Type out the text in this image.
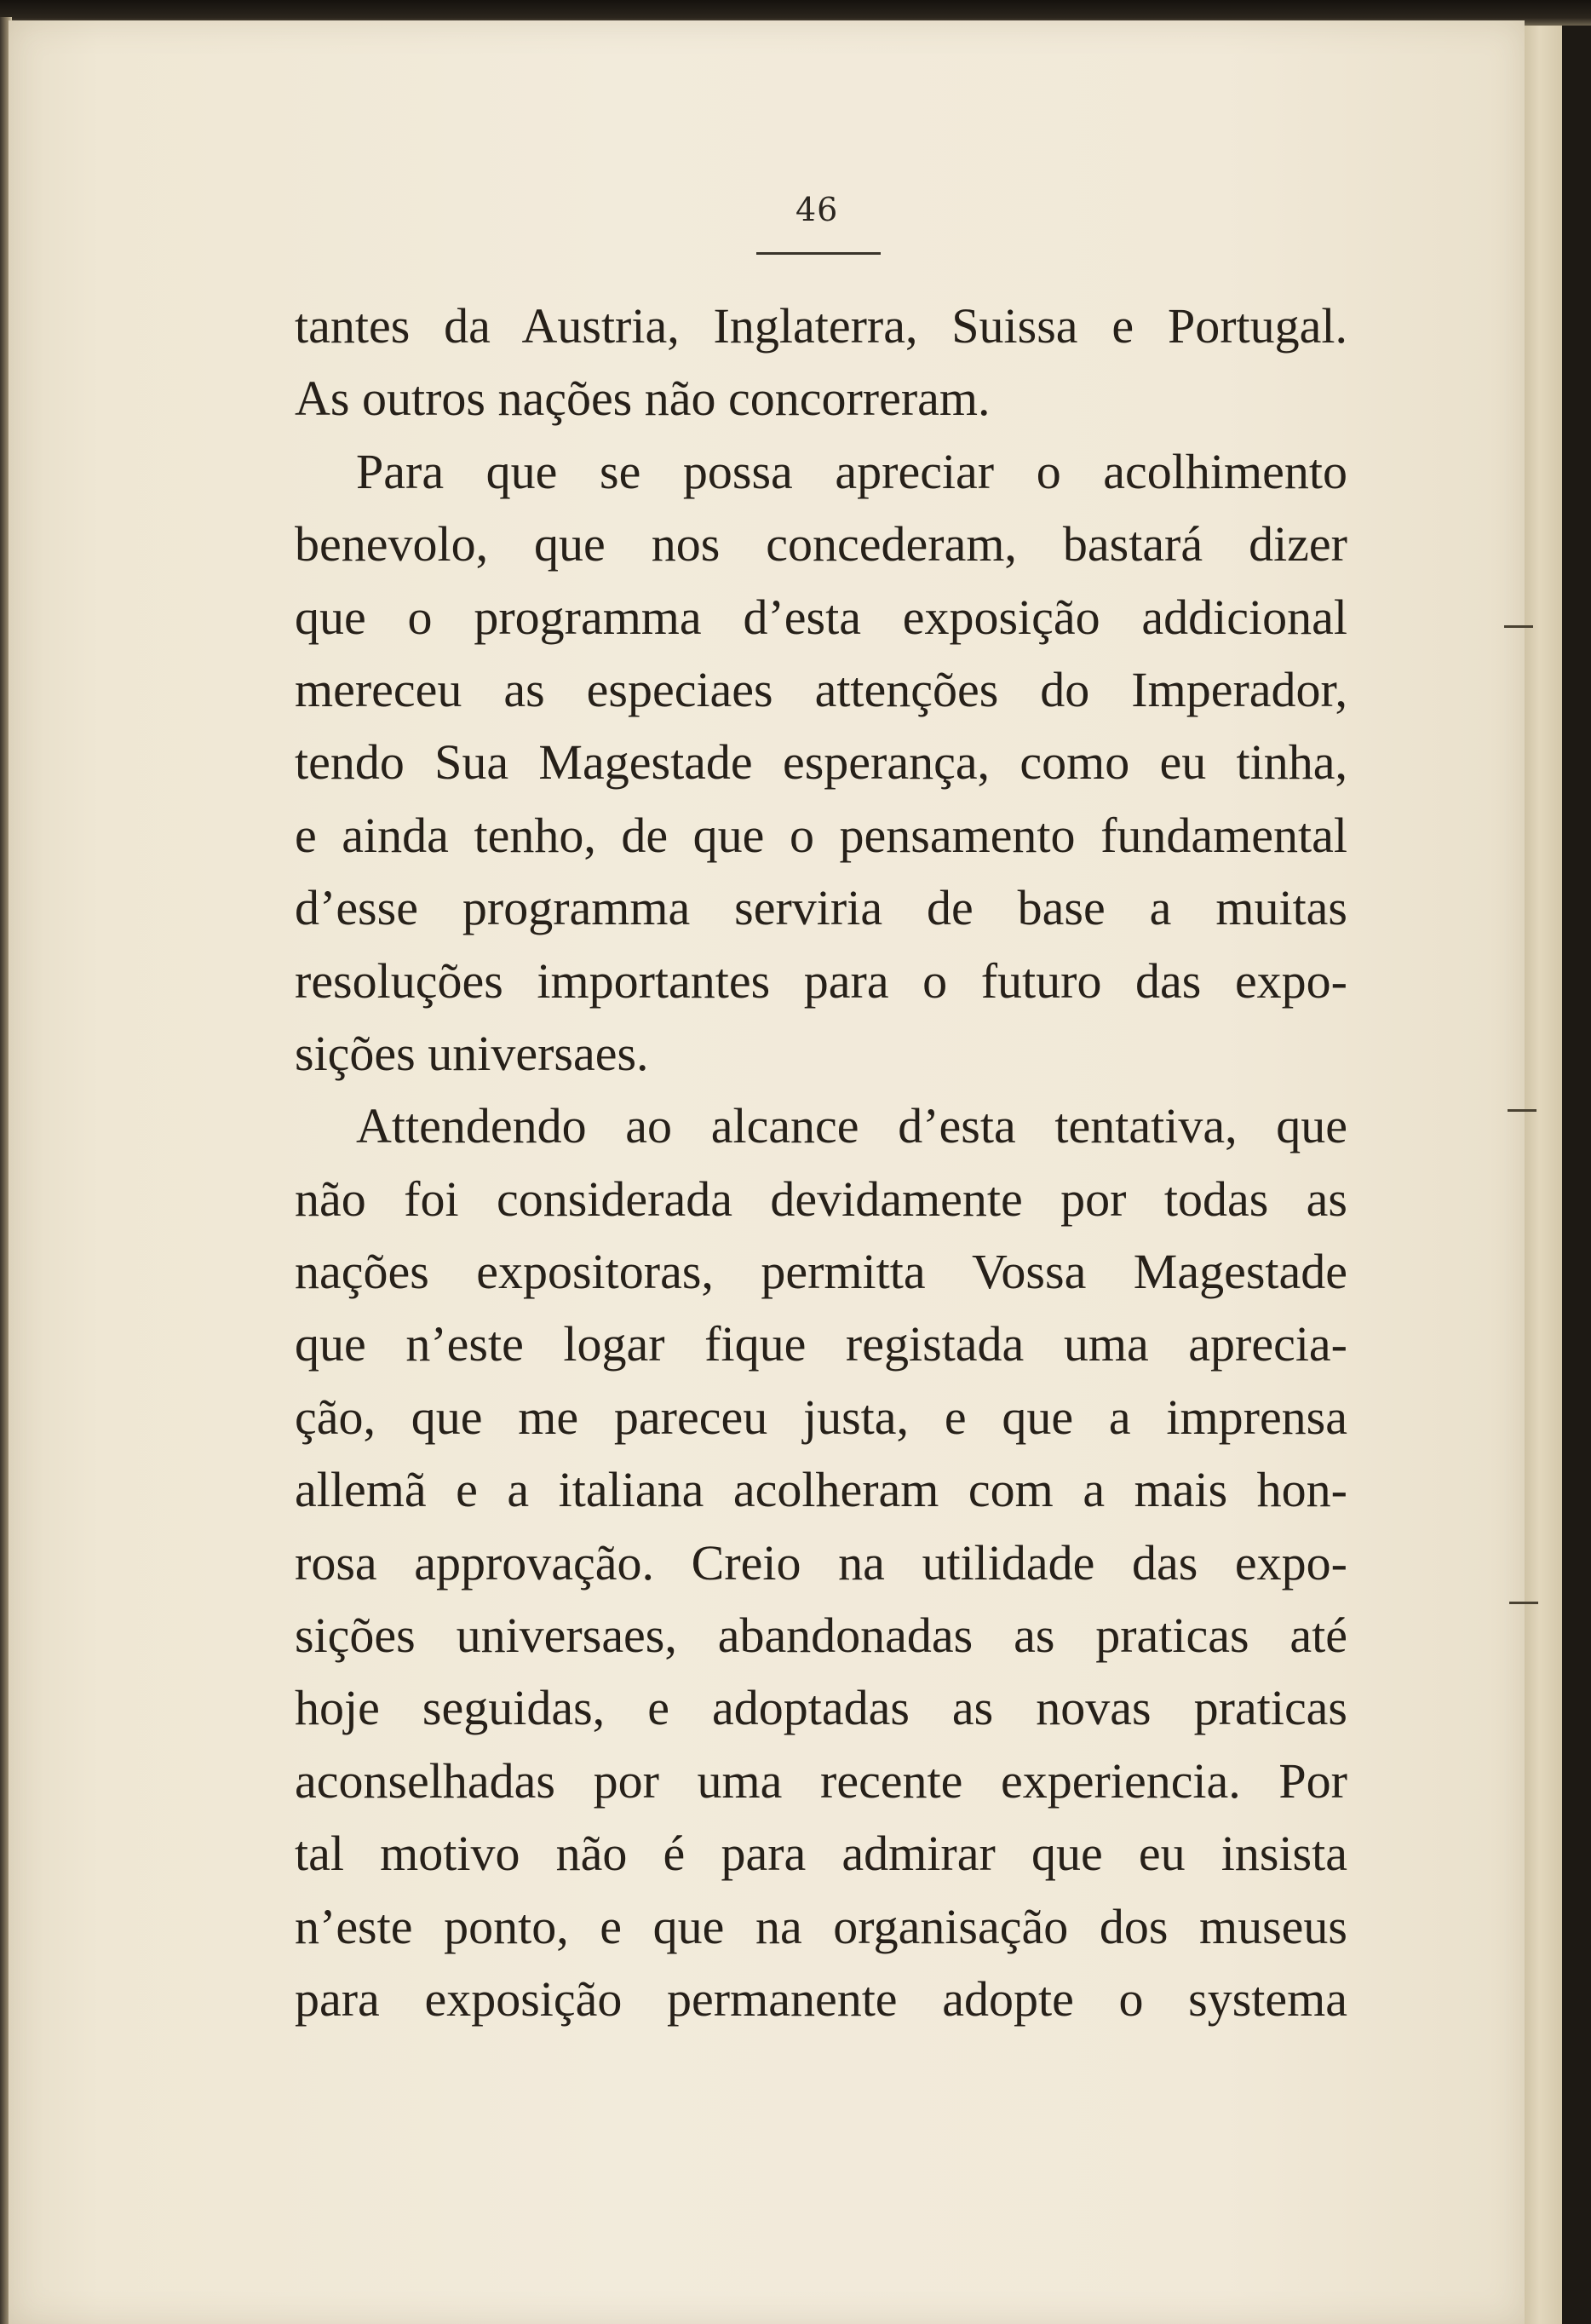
46
tantes da Austria, Inglaterra, Suissa e Portugal.
As outros nações não concorreram.
Para que se possa apreciar o acolhimento
benevolo, que nos concederam, bastará dizer
que o programma d’esta exposição addicional
mereceu as especiaes attenções do Imperador,
tendo Sua Magestade esperança, como eu tinha,
e ainda tenho, de que o pensamento fundamental
d’esse programma serviria de base a muitas
resoluções importantes para o futuro das expo-
sições universaes.
Attendendo ao alcance d’esta tentativa, que
não foi considerada devidamente por todas as
nações expositoras, permitta Vossa Magestade
que n’este logar fique registada uma aprecia-
ção, que me pareceu justa, e que a imprensa
allemã e a italiana acolheram com a mais hon-
rosa approvação. Creio na utilidade das expo-
sições universaes, abandonadas as praticas até
hoje seguidas, e adoptadas as novas praticas
aconselhadas por uma recente experiencia. Por
tal motivo não é para admirar que eu insista
n’este ponto, e que na organisação dos museus
para exposição permanente adopte o systema
